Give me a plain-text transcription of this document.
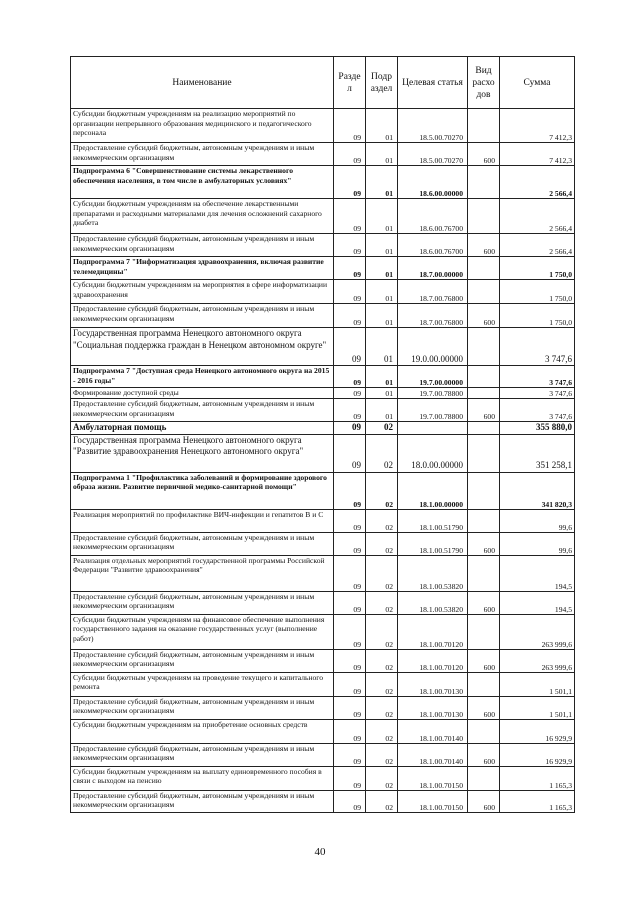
Наименование	Разде л	Подр аздел	Целевая статья	Вид расхо дов	Сумма
Субсидии бюджетным учреждениям на реализацию мероприятий по организации непрерывного образования медицинского и педагогического персонала	09	01	18.5.00.70270		7 412,3
Предоставление субсидий бюджетным, автономным учреждениям и иным некоммерческим организациям	09	01	18.5.00.70270	600	7 412,3
Подпрограмма 6 "Совершенствование системы лекарственного обеспечения населения, в том числе в амбулаторных условиях"	09	01	18.6.00.00000		2 566,4
Субсидии бюджетным учреждениям на обеспечение лекарственными препаратами и расходными материалами для лечения осложнений сахарного диабета	09	01	18.6.00.76700		2 566,4
Предоставление субсидий бюджетным, автономным учреждениям и иным некоммерческим организациям	09	01	18.6.00.76700	600	2 566,4
Подпрограмма 7 "Информатизация здравоохранения, включая развитие телемедицины"	09	01	18.7.00.00000		1 750,0
Субсидии бюджетным учреждениям на мероприятия в сфере информатизации здравоохранения	09	01	18.7.00.76800		1 750,0
Предоставление субсидий бюджетным, автономным учреждениям и иным некоммерческим организациям	09	01	18.7.00.76800	600	1 750,0
Государственная программа Ненецкого автономного округа "Социальная поддержка граждан в Ненецком автономном округе"	09	01	19.0.00.00000		3 747,6
Подпрограмма 7 "Доступная среда Ненецкого автономного округа на 2015 - 2016 годы"	09	01	19.7.00.00000		3 747,6
Формирование доступной среды	09	01	19.7.00.78800		3 747,6
Предоставление субсидий бюджетным, автономным учреждениям и иным некоммерческим организациям	09	01	19.7.00.78800	600	3 747,6
Амбулаторная помощь	09	02			355 880,0
Государственная программа Ненецкого автономного округа "Развитие здравоохранения Ненецкого автономного округа"	09	02	18.0.00.00000		351 258,1
Подпрограмма 1 "Профилактика заболеваний и формирование здорового образа жизни. Развитие первичной медико-санитарной помощи"	09	02	18.1.00.00000		341 820,3
Реализация мероприятий по профилактике ВИЧ-инфекции и гепатитов B и C	09	02	18.1.00.51790		99,6
Предоставление субсидий бюджетным, автономным учреждениям и иным некоммерческим организациям	09	02	18.1.00.51790	600	99,6
Реализация отдельных мероприятий государственной программы Российской Федерации "Развитие здравоохранения"	09	02	18.1.00.53820		194,5
Предоставление субсидий бюджетным, автономным учреждениям и иным некоммерческим организациям	09	02	18.1.00.53820	600	194,5
Субсидии бюджетным учреждениям на финансовое обеспечение выполнения государственного задания на оказание государственных услуг (выполнение работ)	09	02	18.1.00.70120		263 999,6
Предоставление субсидий бюджетным, автономным учреждениям и иным некоммерческим организациям	09	02	18.1.00.70120	600	263 999,6
Субсидии бюджетным учреждениям на проведение текущего и капитального ремонта	09	02	18.1.00.70130		1 501,1
Предоставление субсидий бюджетным, автономным учреждениям и иным некоммерческим организациям	09	02	18.1.00.70130	600	1 501,1
Субсидии бюджетным учреждениям на приобретение основных средств	09	02	18.1.00.70140		16 929,9
Предоставление субсидий бюджетным, автономным учреждениям и иным некоммерческим организациям	09	02	18.1.00.70140	600	16 929,9
Субсидии бюджетным учреждениям на выплату единовременного пособия в связи с выходом на пенсию	09	02	18.1.00.70150		1 165,3
Предоставление субсидий бюджетным, автономным учреждениям и иным некоммерческим организациям	09	02	18.1.00.70150	600	1 165,3
40
